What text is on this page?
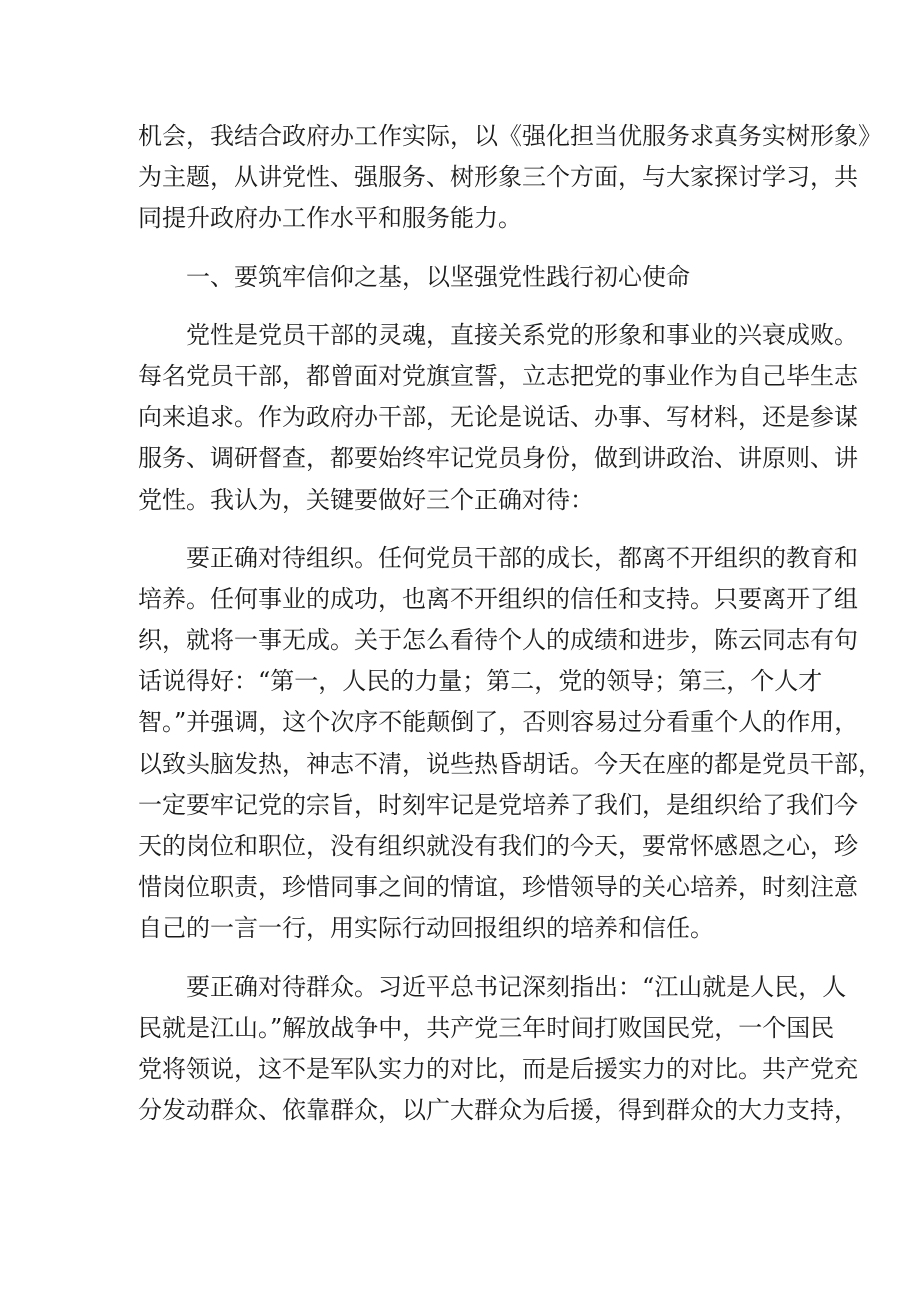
机会，我结合政府办工作实际，以《强化担当优服务求真务实树形象》
为主题，从讲党性、强服务、树形象三个方面，与大家探讨学习，共
同提升政府办工作水平和服务能力。

一、要筑牢信仰之基，以坚强党性践行初心使命

党性是党员干部的灵魂，直接关系党的形象和事业的兴衰成败。
每名党员干部，都曾面对党旗宣誓，立志把党的事业作为自己毕生志
向来追求。作为政府办干部，无论是说话、办事、写材料，还是参谋
服务、调研督查，都要始终牢记党员身份，做到讲政治、讲原则、讲
党性。我认为，关键要做好三个正确对待：

要正确对待组织。任何党员干部的成长，都离不开组织的教育和
培养。任何事业的成功，也离不开组织的信任和支持。只要离开了组
织，就将一事无成。关于怎么看待个人的成绩和进步，陈云同志有句
话说得好：“第一，人民的力量；第二，党的领导；第三，个人才
智。”并强调，这个次序不能颠倒了，否则容易过分看重个人的作用，
以致头脑发热，神志不清，说些热昏胡话。今天在座的都是党员干部，
一定要牢记党的宗旨，时刻牢记是党培养了我们，是组织给了我们今
天的岗位和职位，没有组织就没有我们的今天，要常怀感恩之心，珍
惜岗位职责，珍惜同事之间的情谊，珍惜领导的关心培养，时刻注意
自己的一言一行，用实际行动回报组织的培养和信任。

要正确对待群众。习近平总书记深刻指出：“江山就是人民，人
民就是江山。”解放战争中，共产党三年时间打败国民党，一个国民
党将领说，这不是军队实力的对比，而是后援实力的对比。共产党充
分发动群众、依靠群众，以广大群众为后援，得到群众的大力支持，
